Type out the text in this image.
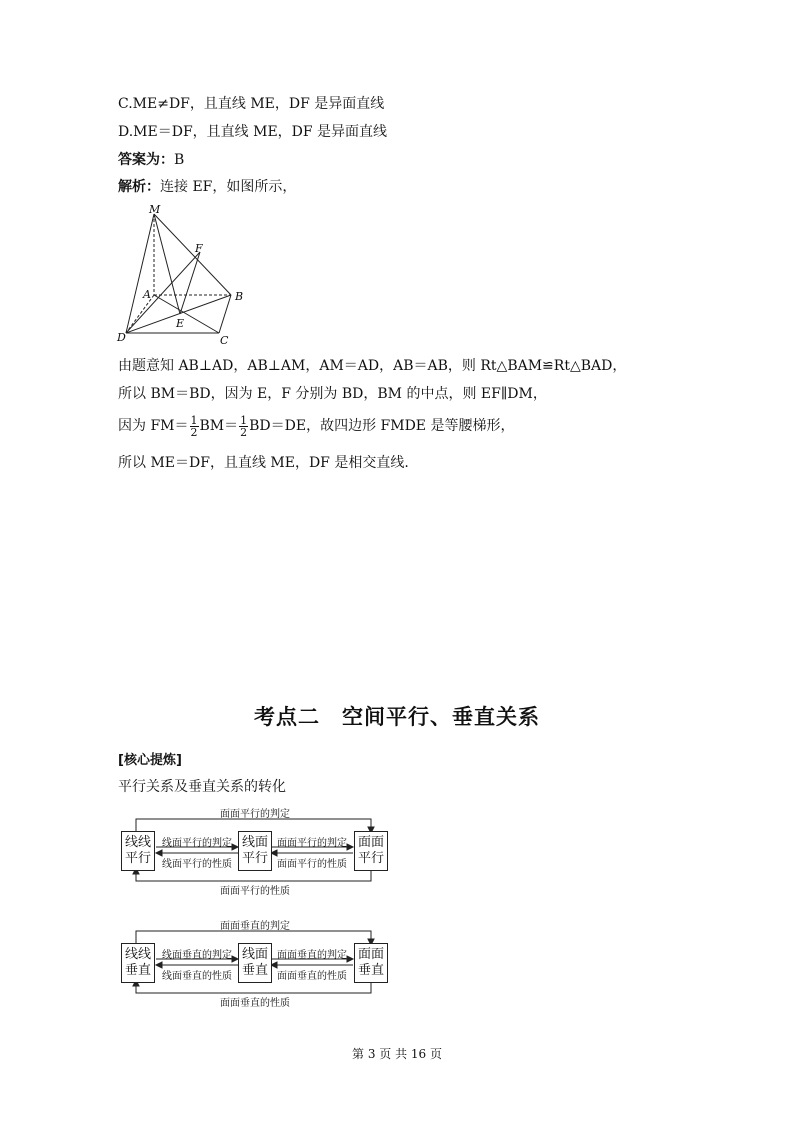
C.ME≠DF，且直线 ME，DF 是异面直线
D.ME＝DF，且直线 ME，DF 是异面直线
答案为：B
解析：连接 EF，如图所示，
M
F
A	B
E
D	C
由题意知 AB⊥AD，AB⊥AM，AM＝AD，AB＝AB，则 Rt△BAM≌Rt△BAD，
所以 BM＝BD，因为 E，F 分别为 BD，BM 的中点，则 EF∥DM，
因为 $FM= \frac{1}{2} BM= \frac{1}{2} BD=DE$，故四边形 FMDE 是等腰梯形，
所以 ME＝DF，且直线 ME，DF 是相交直线.
考点二　空间平行、垂直关系
[核心提炼]
平行关系及垂直关系的转化
面面平行的判定
面面平行的性质
线面平行的判定
线面平行的性质
面面平行的判定
面面平行的性质
线线
平行
线面
平行
面面
平行
面面垂直的判定
面面垂直的性质
线面垂直的判定
线面垂直的性质
面面垂直的判定
面面垂直的性质
线线
垂直
线面
垂直
面面
垂直
第 3 页 共 16 页
